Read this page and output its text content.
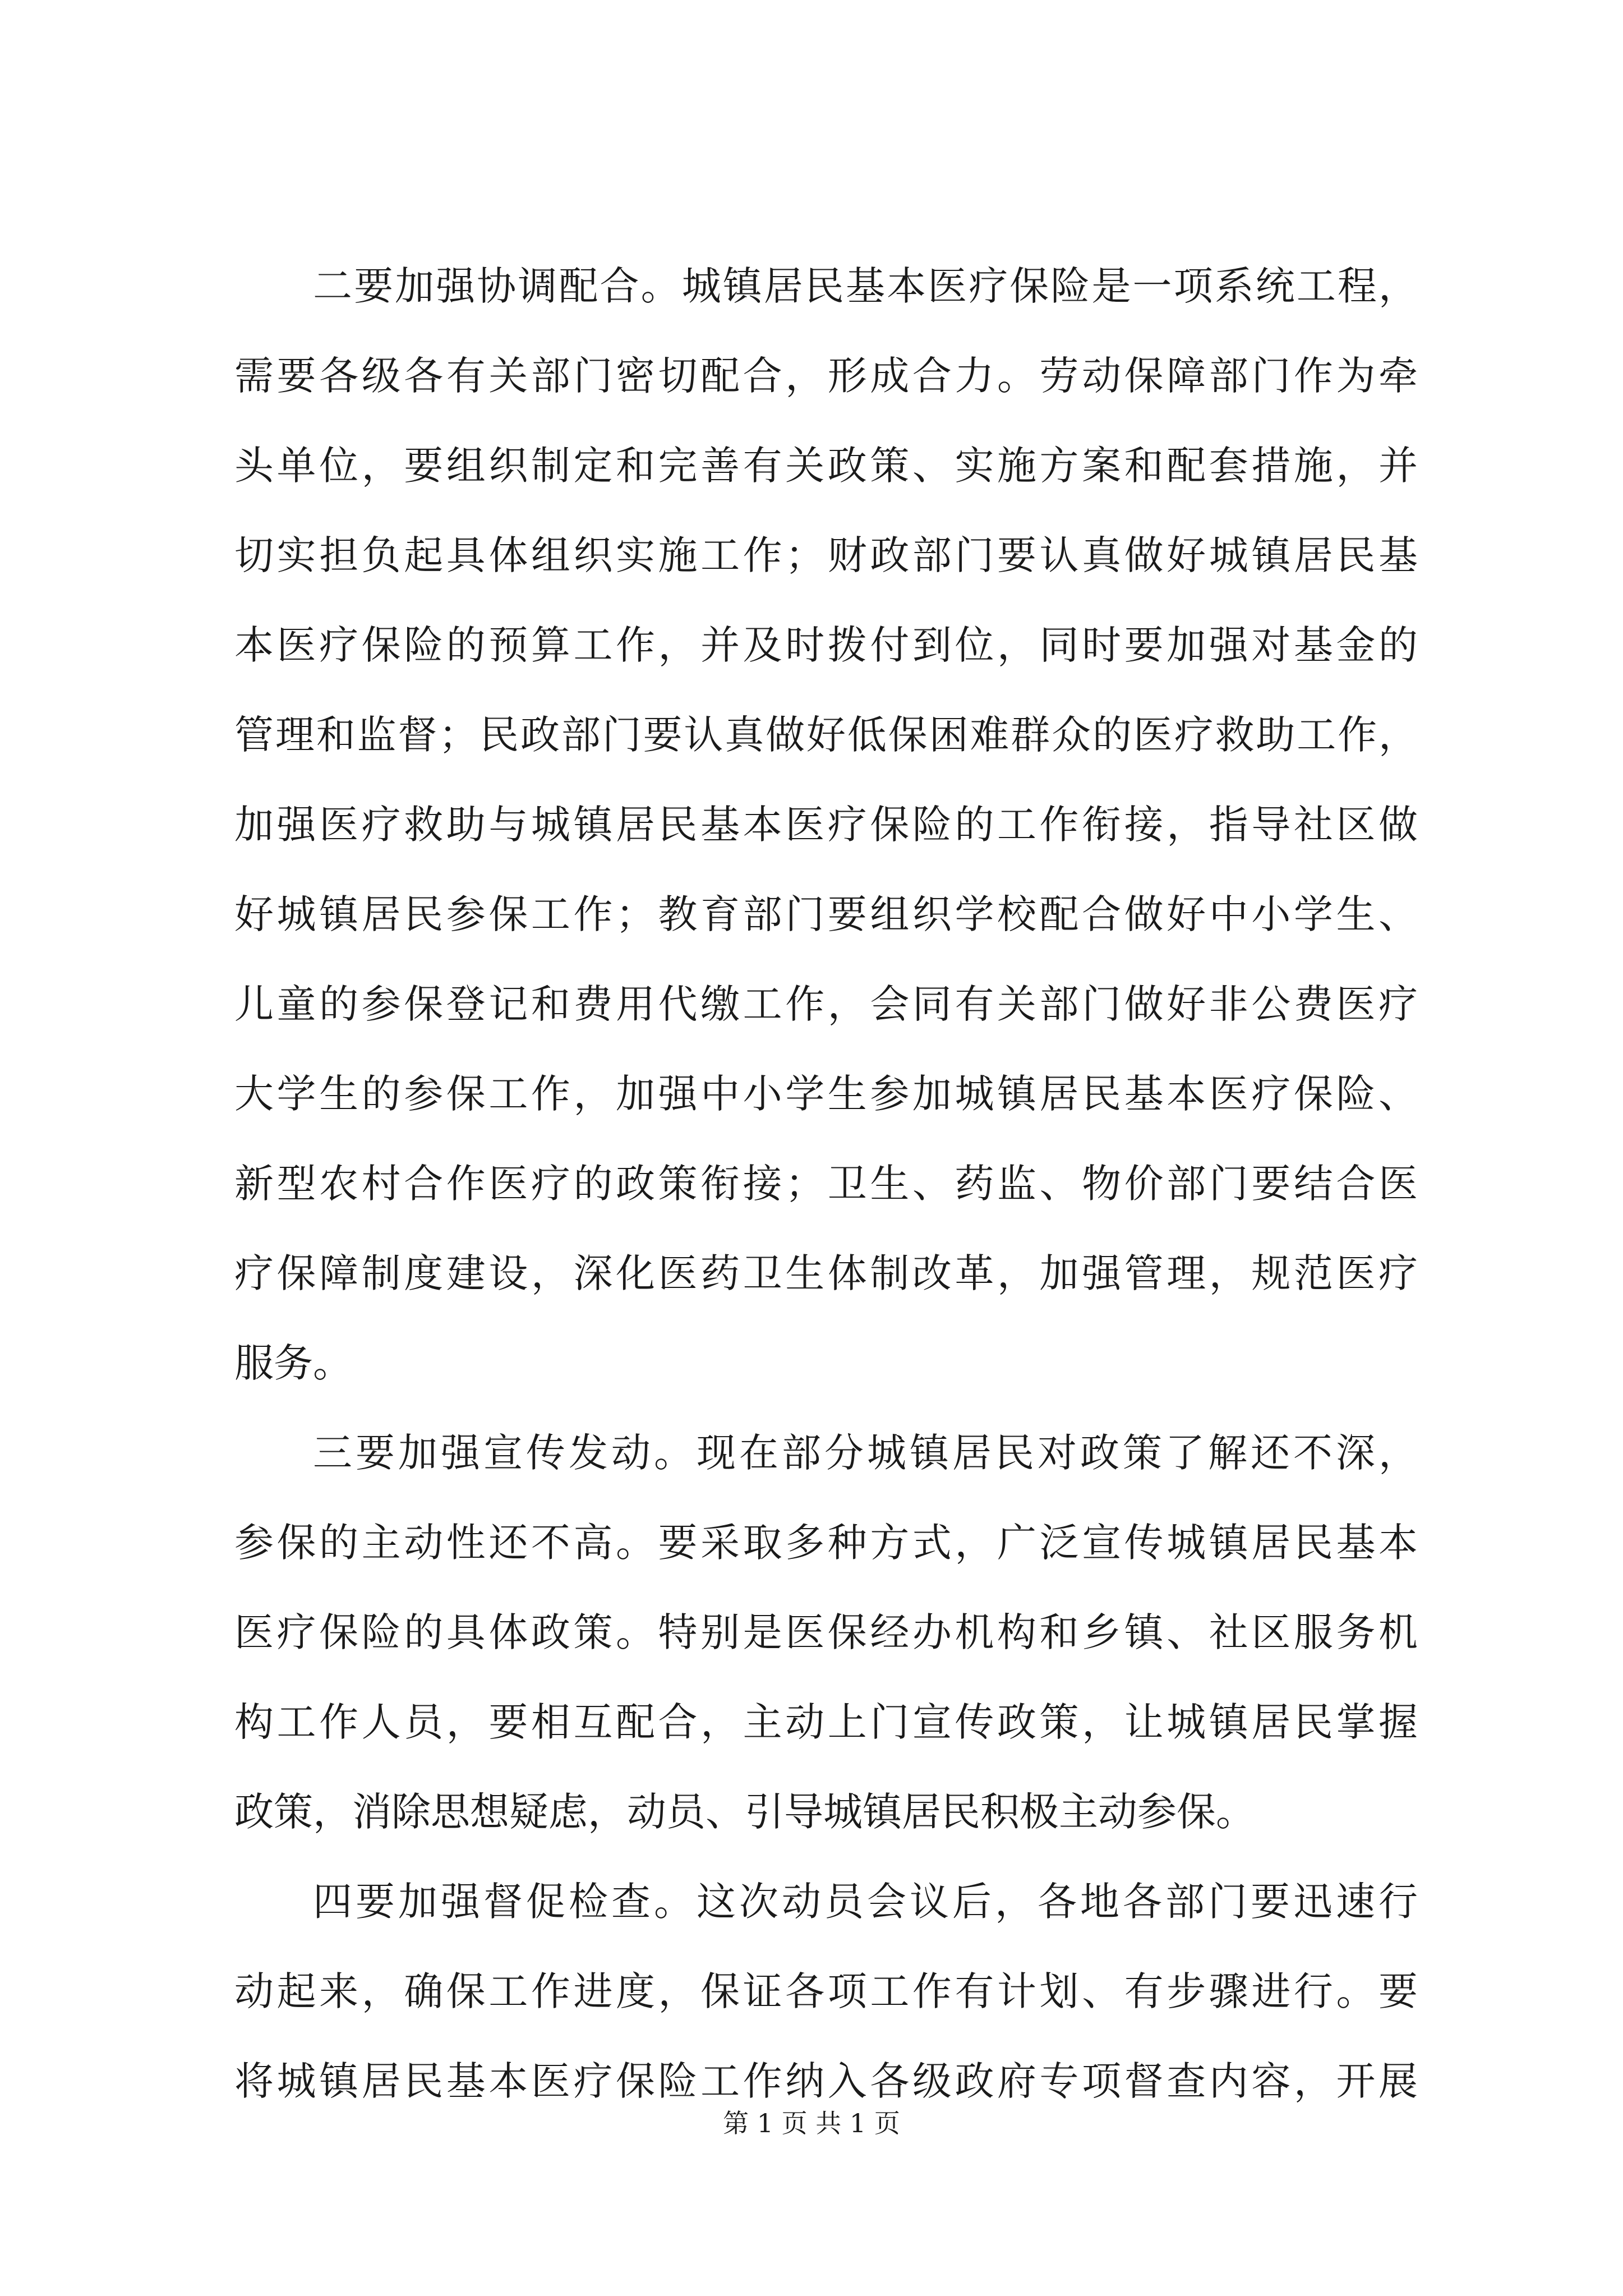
二要加强协调配合。城镇居民基本医疗保险是一项系统工程，
需要各级各有关部门密切配合，形成合力。劳动保障部门作为牵
头单位，要组织制定和完善有关政策、实施方案和配套措施，并
切实担负起具体组织实施工作；财政部门要认真做好城镇居民基
本医疗保险的预算工作，并及时拨付到位，同时要加强对基金的
管理和监督；民政部门要认真做好低保困难群众的医疗救助工作，
加强医疗救助与城镇居民基本医疗保险的工作衔接，指导社区做
好城镇居民参保工作；教育部门要组织学校配合做好中小学生、
儿童的参保登记和费用代缴工作，会同有关部门做好非公费医疗
大学生的参保工作，加强中小学生参加城镇居民基本医疗保险、
新型农村合作医疗的政策衔接；卫生、药监、物价部门要结合医
疗保障制度建设，深化医药卫生体制改革，加强管理，规范医疗
服务。
三要加强宣传发动。现在部分城镇居民对政策了解还不深，
参保的主动性还不高。要采取多种方式，广泛宣传城镇居民基本
医疗保险的具体政策。特别是医保经办机构和乡镇、社区服务机
构工作人员，要相互配合，主动上门宣传政策，让城镇居民掌握
政策，消除思想疑虑，动员、引导城镇居民积极主动参保。
四要加强督促检查。这次动员会议后，各地各部门要迅速行
动起来，确保工作进度，保证各项工作有计划、有步骤进行。要
将城镇居民基本医疗保险工作纳入各级政府专项督查内容，开展
第 1 页 共 1 页
